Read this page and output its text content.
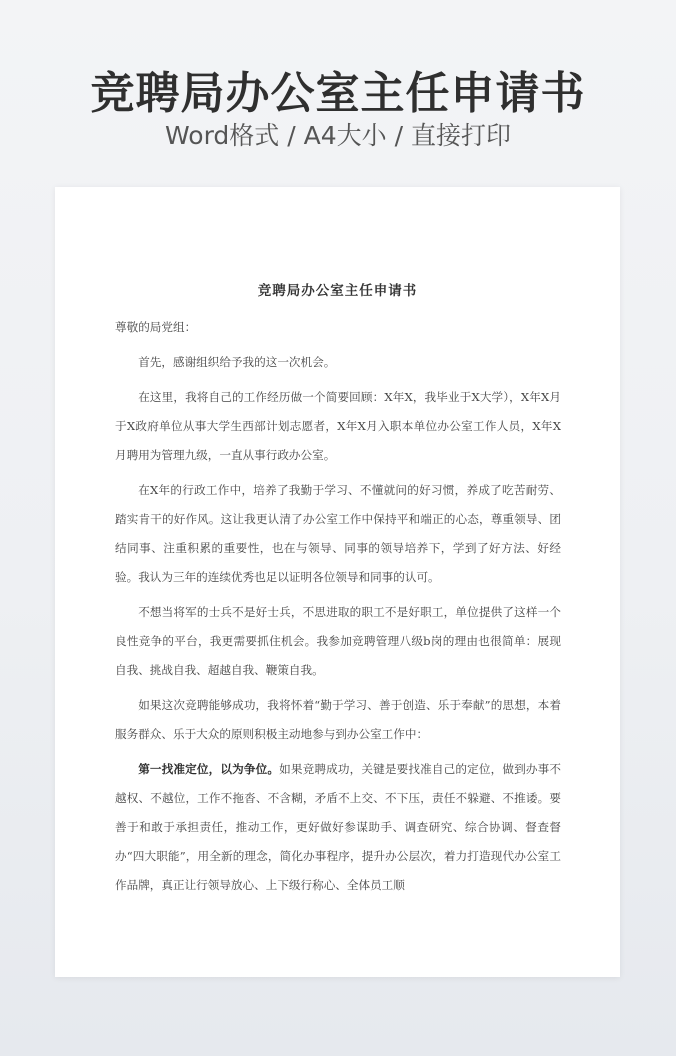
竞聘局办公室主任申请书
Word格式 / A4大小 / 直接打印
竞聘局办公室主任申请书

尊敬的局党组：

首先，感谢组织给予我的这一次机会。

在这里，我将自己的工作经历做一个简要回顾：X年X，我毕业于X大学），X年X月于X政府单位从事大学生西部计划志愿者，X年X月入职本单位办公室工作人员，X年X月聘用为管理九级，一直从事行政办公室。

在X年的行政工作中，培养了我勤于学习、不懂就问的好习惯，养成了吃苦耐劳、踏实肯干的好作风。这让我更认清了办公室工作中保持平和端正的心态，尊重领导、团结同事、注重积累的重要性，也在与领导、同事的领导培养下，学到了好方法、好经验。我认为三年的连续优秀也足以证明各位领导和同事的认可。

不想当将军的士兵不是好士兵，不思进取的职工不是好职工，单位提供了这样一个良性竞争的平台，我更需要抓住机会。我参加竞聘管理八级b岗的理由也很简单：展现自我、挑战自我、超越自我、鞭策自我。

如果这次竞聘能够成功，我将怀着“勤于学习、善于创造、乐于奉献”的思想，本着服务群众、乐于大众的原则积极主动地参与到办公室工作中：

第一找准定位，以为争位。如果竞聘成功，关键是要找准自己的定位，做到办事不越权、不越位，工作不拖沓、不含糊，矛盾不上交、不下压，责任不躲避、不推诿。要善于和敢于承担责任，推动工作，更好做好参谋助手、调查研究、综合协调、督查督办“四大职能”，用全新的理念，简化办事程序，提升办公层次，着力打造现代办公室工作品牌，真正让行领导放心、上下级行称心、全体员工顺
